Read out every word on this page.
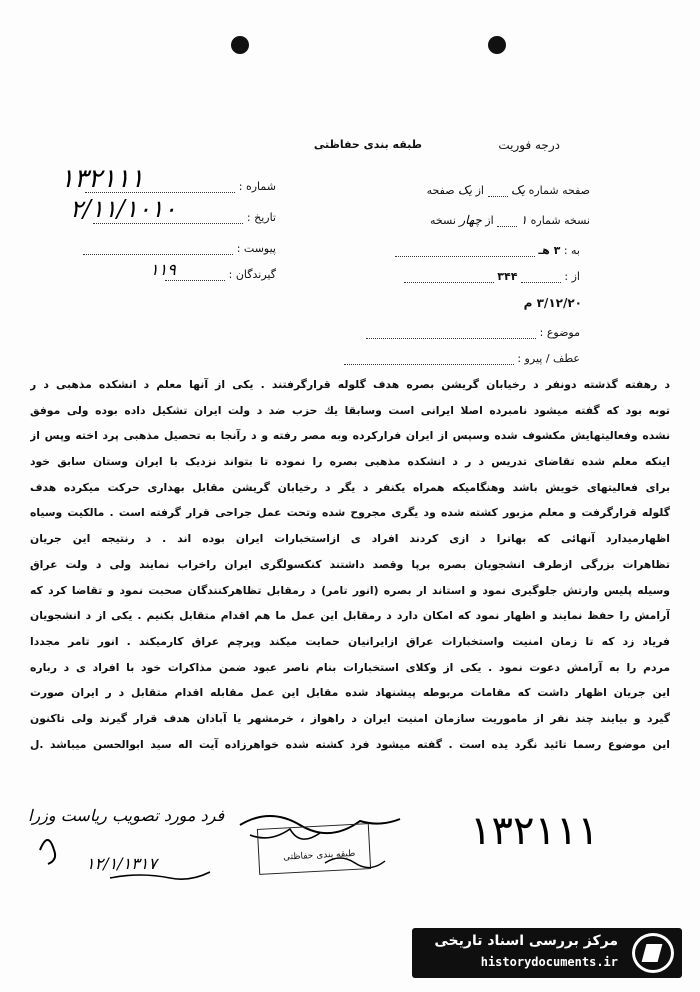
درجه فوریت
طبقه بندی حفاظتی
صفحه شماره یک  از یک صفحه
نسخه شماره ۱  از چهار نسخه
به : ۳ هـ
از :  ۳۴۴
۳/۱۲/۲۰ م
موضوع :
عطف / پیرو :
شماره :
۱۳۲۱۱۱
تاریخ :
۲/۱۱/۱۰۱۰
پیوست :
گیرندگان :
۱۱۹
د رهفته گذشته دونفر د رخیابان گریشن بصره هدف گلوله قرارگرفتند . یکی از آنها معلم د انشکده مذهبی د ر
توبه بود که گفته میشود نامبرده اصلا ایرانی است وسابقا یك حزب ضد د ولت ایران تشکیل داده بوده ولی موفق
نشده وفعالیتهایش مکشوف شده وسپس از ایران فرارکرده وبه مصر رفته و د رآنجا به تحصیل مذهبی پرد اخته وپس از
اینکه معلم شده تقاضای تدریس د ر د انشکده مذهبی بصره را نموده تا بتواند نزدیک با ایران وستان سابق خود
برای فعالیتهای خویش باشد وهنگامیکه همراه یکنفر د یگر د رخیابان گریشن مقابل بهداری حرکت میکرده هدف
گلوله قرارگرفت و معلم مزبور کشته شده ود یگری مجروح شده وتحت عمل جراحی قرار گرفته است . مالکیت وسیاه
اظهارمیدارد آنهائی که بهاترا د ازی کردند افراد ی ازاستخبارات ایران بوده اند . د رنتیجه این جریان
تظاهرات بزرگی ازطرف انشجویان بصره برپا وقصد داشتند کنکسولگری ایران راخراب نمایند ولی د ولت عراق
وسیله پلیس وارتش جلوگیری نمود و استاند ار بصره (انور تامر) د رمقابل تظاهرکنندگان صحبت نمود و تقاضا کرد که
آرامش را حفظ نمایند و اظهار نمود که امکان دارد د رمقابل این عمل ما هم اقدام متقابل بکنیم . یکی از د انشجویان
فریاد زد که تا زمان امنیت واستخبارات عراق ازایرانیان حمایت میکند وپرچم عراق کارمیکند . انور تامر مجددا
مردم را به آرامش دعوت نمود . یکی از وکلای استخبارات بنام ناصر عبود ضمن مذاکرات خود با افراد ی د رباره
این جریان اظهار داشت که مقامات مربوطه پیشنهاد شده مقابل این عمل مقابله اقدام متقابل د ر ایران صورت
گیرد و بیایند چند نفر از ماموریت سازمان امنیت ایران د راهواز ، خرمشهر یا آبادان هدف قرار گیرند ولی تاکنون
این موضوع رسما تائید نگرد یده است . گفته میشود فرد کشته شده خواهرزاده آیت اله سید ابوالحسن میباشد .ل
فرد مورد تصویب ریاست وزرا
طبقه بندی حفاظتی
۱۳۲۱۱۱
۱۲/۱/۱۳۱۷
مرکز بررسی اسناد تاریخی
historydocuments.ir
